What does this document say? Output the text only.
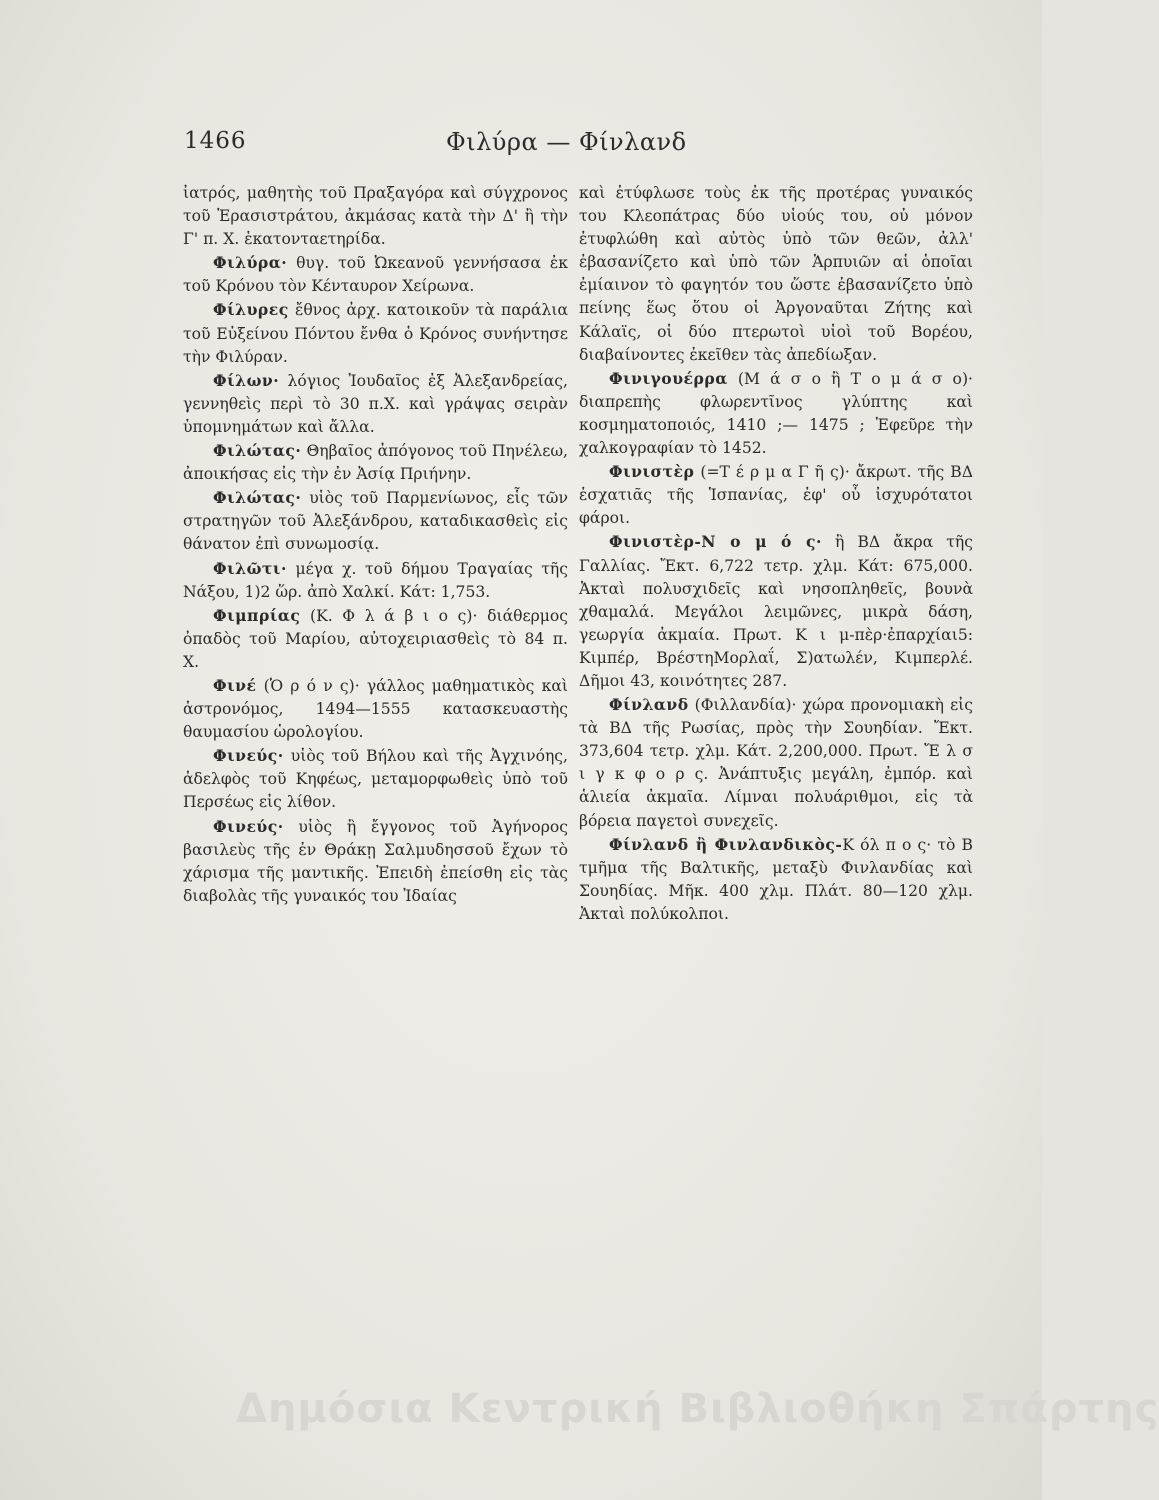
1466	Φιλύρα — Φίνλανδ

ἰατρός, μαθητὴς τοῦ Πραξαγόρα καὶ σύγχρονος τοῦ Ἐρασιστράτου, ἀκμάσας κατὰ τὴν Δ' ἢ τὴν Γ' π. Χ. ἑκατονταετηρίδα.

Φιλύρα· θυγ. τοῦ Ὠκεανοῦ γεννήσασα ἐκ τοῦ Κρόνου τὸν Κένταυρον Χείρωνα.

Φίλυρες ἔθνος ἀρχ. κατοικοῦν τὰ παράλια τοῦ Εὐξείνου Πόντου ἔνθα ὁ Κρόνος συνήντησε τὴν Φιλύραν.

Φίλων· λόγιος Ἰουδαῖος ἐξ Ἀλεξανδρείας, γεννηθεὶς περὶ τὸ 30 π.Χ. καὶ γράψας σειρὰν ὑπομνημάτων καὶ ἄλλα.

Φιλώτας· Θηβαῖος ἀπόγονος τοῦ Πηνέλεω, ἀποικήσας εἰς τὴν ἐν Ἀσίᾳ Πριήνην.

Φιλώτας· υἱὸς τοῦ Παρμενίωνος, εἷς τῶν στρατηγῶν τοῦ Ἀλεξάνδρου, καταδικασθεὶς εἰς θάνατον ἐπὶ συνωμοσίᾳ.

Φιλῶτι· μέγα χ. τοῦ δήμου Τραγαίας τῆς Νάξου, 1)2 ὥρ. ἀπὸ Χαλκί. Κάτ: 1,753.

Φιμπρίας (Κ. Φ λ ά β ι ο ς)· διάθερμος ὀπαδὸς τοῦ Μαρίου, αὐτοχειριασθεὶς τὸ 84 π. Χ.

Φινέ (Ὁ ρ ό ν ς)· γάλλος μαθηματικὸς καὶ ἀστρονόμος, 1494—1555 κατασκευαστὴς θαυμασίου ὡρολογίου.

Φινεύς· υἱὸς τοῦ Βήλου καὶ τῆς Ἀγχινόης, ἀδελφὸς τοῦ Κηφέως, μεταμορφωθεὶς ὑπὸ τοῦ Περσέως εἰς λίθον.

Φινεύς· υἱὸς ἢ ἔγγονος τοῦ Ἀγήνορος βασιλεὺς τῆς ἐν Θράκῃ Σαλμυδησσοῦ ἔχων τὸ χάρισμα τῆς μαντικῆς. Ἐπειδὴ ἐπείσθη εἰς τὰς διαβολὰς τῆς γυναικός του Ἰδαίας

καὶ ἐτύφλωσε τοὺς ἐκ τῆς προτέρας γυναικός του Κλεοπάτρας δύο υἱούς του, οὐ μόνον ἐτυφλώθη καὶ αὐτὸς ὑπὸ τῶν θεῶν, ἀλλ' ἐβασανίζετο καὶ ὑπὸ τῶν Ἁρπυιῶν αἱ ὁποῖαι ἐμίαινον τὸ φαγητόν του ὥστε ἐβασανίζετο ὑπὸ πείνης ἕως ὅτου οἱ Ἀργοναῦται Ζήτης καὶ Κάλαϊς, οἱ δύο πτερωτοὶ υἱοὶ τοῦ Βορέου, διαβαίνοντες ἐκεῖθεν τὰς ἀπεδίωξαν.

Φινιγουέρρα (Μ ά σ ο ἢ Τ ο μ ά σ ο)· διαπρεπὴς φλωρεντῖνος γλύπτης καὶ κοσμηματοποιός, 1410 ;— 1475 ; Ἐφεῦρε τὴν χαλκογραφίαν τὸ 1452.

Φινιστὲρ (=Τ έ ρ μ α Γ ῆ ς)· ἄκρωτ. τῆς ΒΔ ἐσχατιᾶς τῆς Ἱσπανίας, ἐφ' οὗ ἰσχυρότατοι φάροι.

Φινιστὲρ-Ν ο μ ό ς· ἢ ΒΔ ἄκρα τῆς Γαλλίας. Ἔκτ. 6,722 τετρ. χλμ. Κάτ: 675,000. Ἀκταὶ πολυσχιδεῖς καὶ νησοπληθεῖς, βουνὰ χθαμαλά. Μεγάλοι λειμῶνες, μικρὰ δάση, γεωργία ἀκμαία. Πρωτ. Κ ι μ-πὲρ·ἐπαρχίαι5: Κιμπέρ, ΒρέστηΜορλαΐ, Σ)ατωλέν, Κιμπερλέ. Δῆμοι 43, κοινότητες 287.

Φίνλανδ (Φιλλανδία)· χώρα προνομιακὴ εἰς τὰ ΒΔ τῆς Ρωσίας, πρὸς τὴν Σουηδίαν. Ἔκτ. 373,604 τετρ. χλμ. Κάτ. 2,200,000. Πρωτ. Ἔ λ σ ι γ κ φ ο ρ ς. Ἀνάπτυξις μεγάλη, ἐμπόρ. καὶ ἁλιεία ἀκμαῖα. Λίμναι πολυάριθμοι, εἰς τὰ βόρεια παγετοὶ συνεχεῖς.

Φίνλανδ ἢ Φινλανδικὸς-Κ όλ π ο ς· τὸ Β τμῆμα τῆς Βαλτικῆς, μεταξὺ Φινλανδίας καὶ Σουηδίας. Μῆκ. 400 χλμ. Πλάτ. 80—120 χλμ. Ἀκταὶ πολύκολποι.

Δημόσια Κεντρική Βιβλιοθήκη Σπάρτης
